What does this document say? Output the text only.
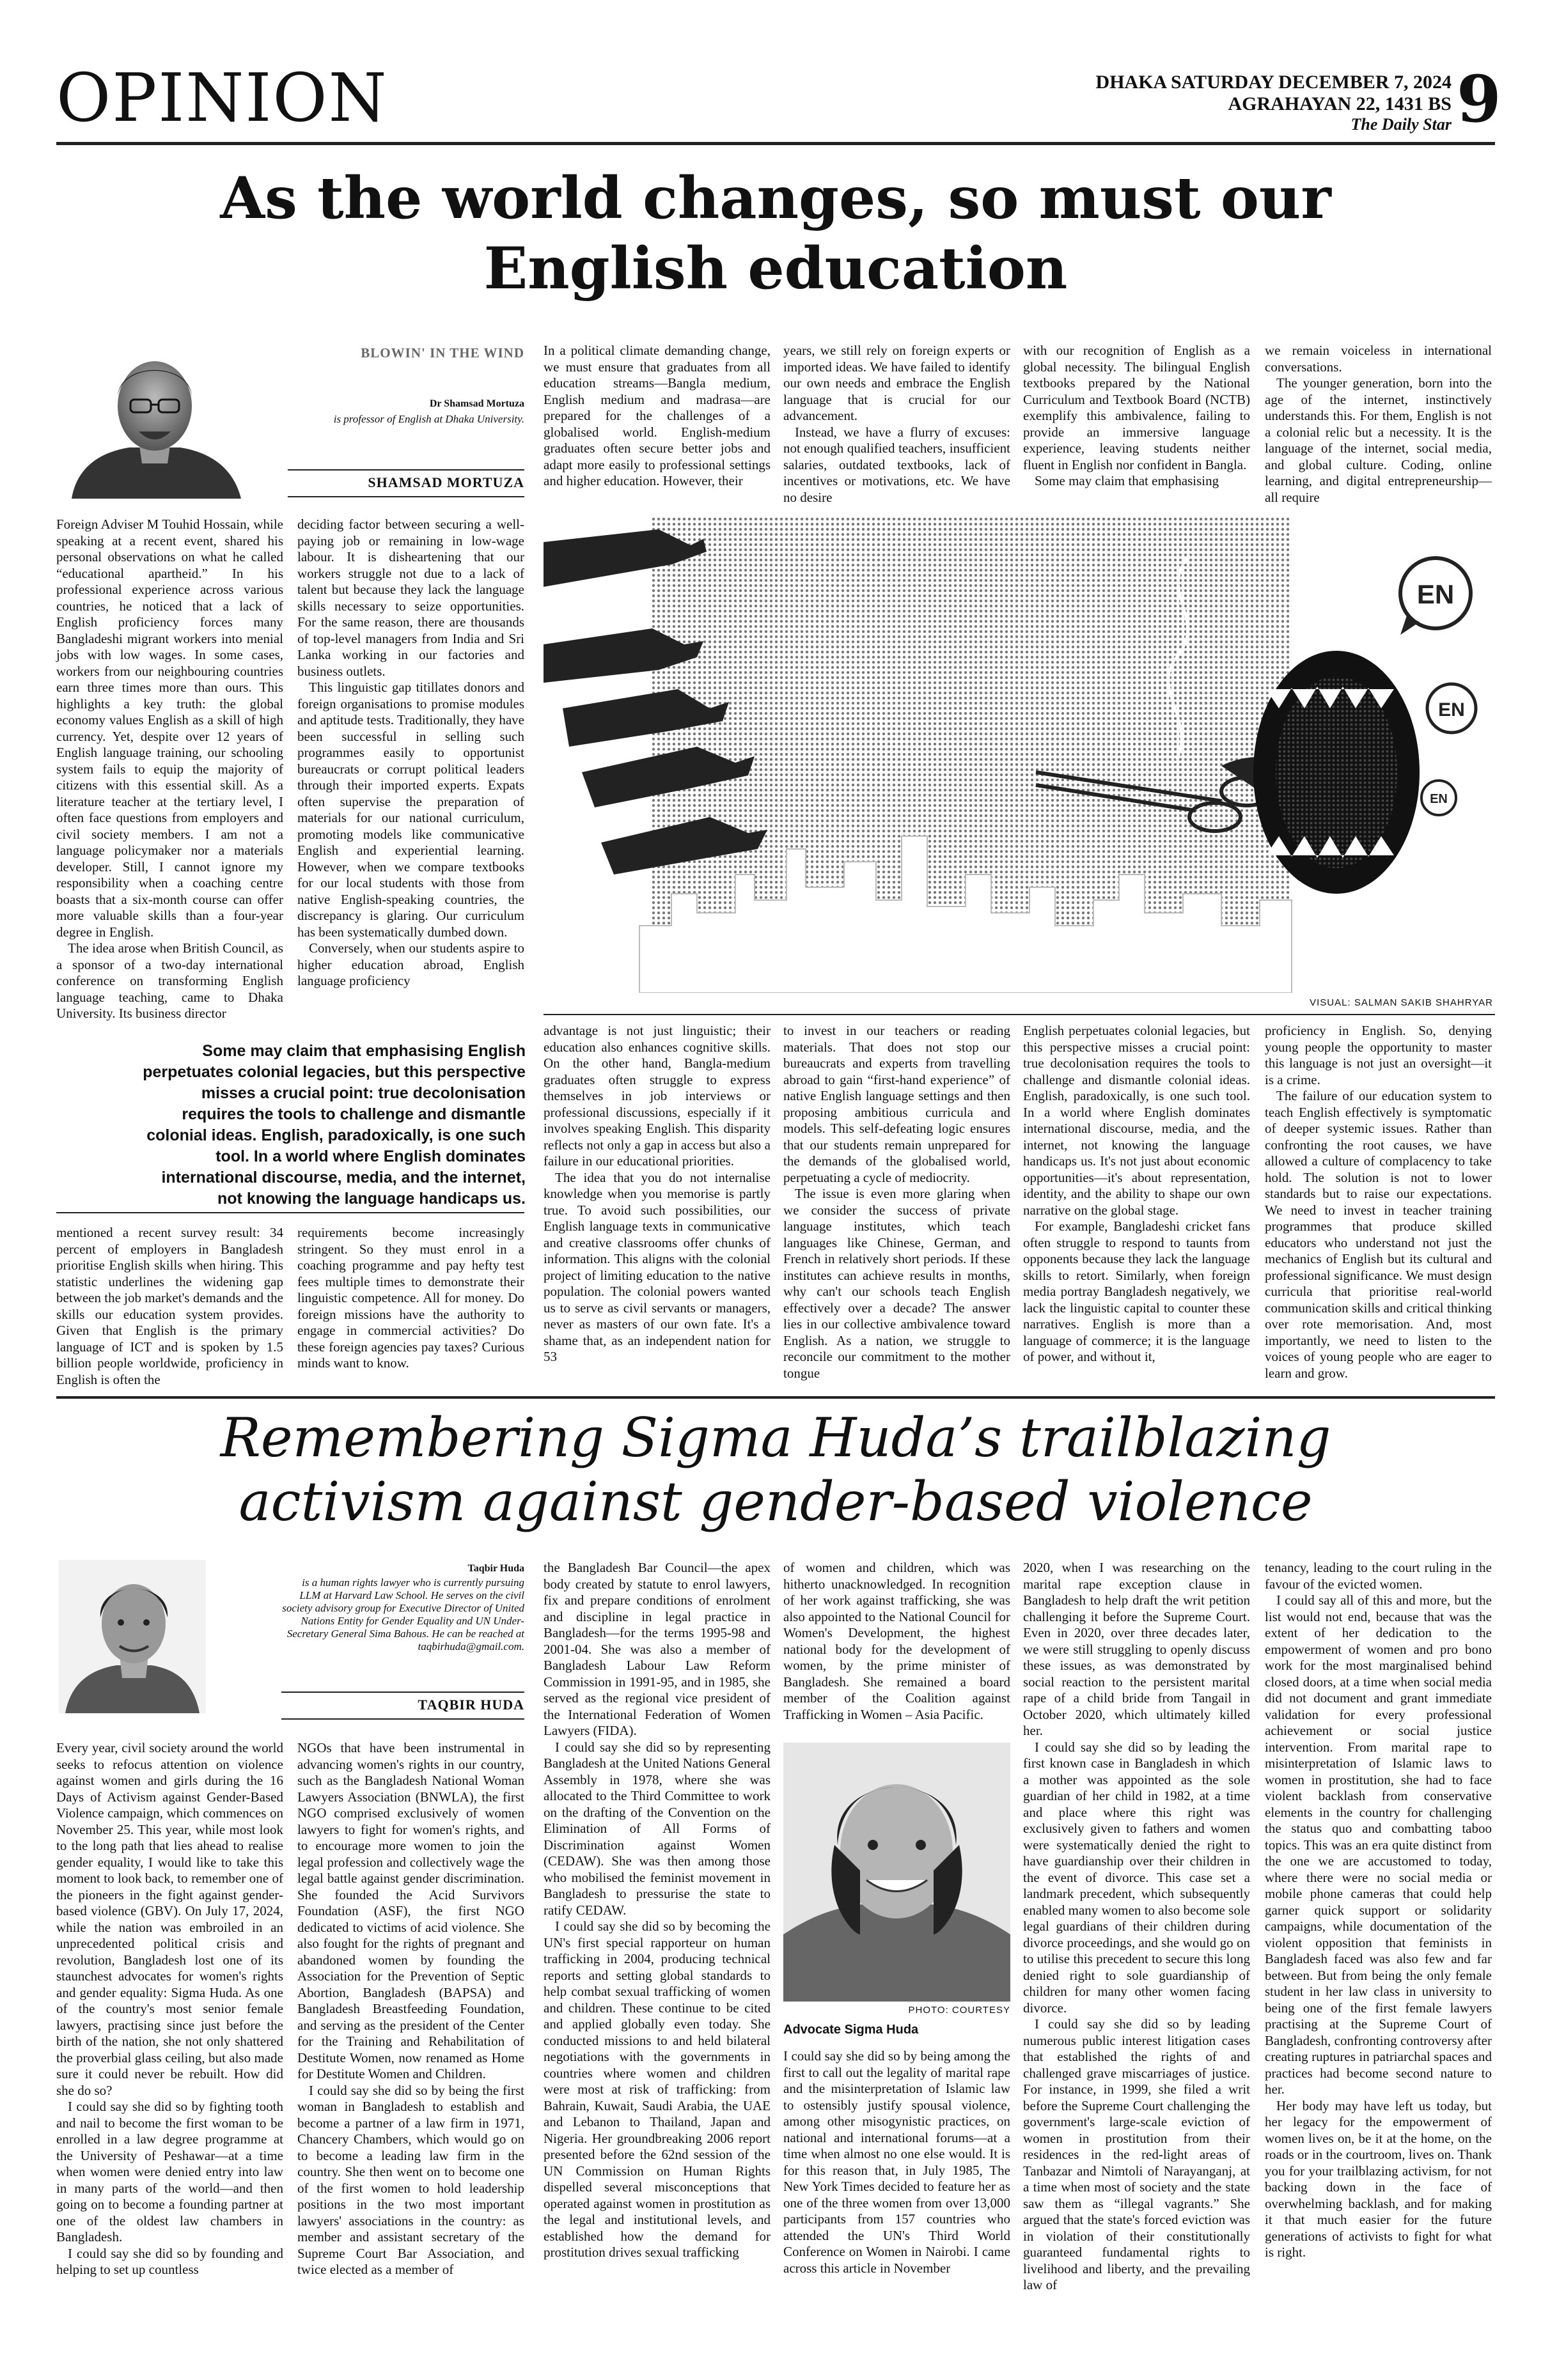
OPINION	DHAKA SATURDAY DECEMBER 7, 2024
AGRAHAYAN 22, 1431 BS
The Daily Star 9
As the world changes, so must our
English education
BLOWIN' IN THE WIND
Dr Shamsad Mortuza
is professor of English at Dhaka University.
SHAMSAD MORTUZA

In a political climate demanding change, we must ensure that graduates from all education streams—Bangla medium, English medium and madrasa—are prepared for the challenges of a globalised world. English-medium graduates often secure better jobs and adapt more easily to professional settings and higher education. However, their

years, we still rely on foreign experts or imported ideas. We have failed to identify our own needs and embrace the English language that is crucial for our advancement.

Instead, we have a flurry of excuses: not enough qualified teachers, insufficient salaries, outdated textbooks, lack of incentives or motivations, etc. We have no desire

with our recognition of English as a global necessity. The bilingual English textbooks prepared by the National Curriculum and Textbook Board (NCTB) exemplify this ambivalence, failing to provide an immersive language experience, leaving students neither fluent in English nor confident in Bangla.

Some may claim that emphasising

we remain voiceless in international conversations.

The younger generation, born into the age of the internet, instinctively understands this. For them, English is not a colonial relic but a necessity. It is the language of the internet, social media, and global culture. Coding, online learning, and digital entrepreneurship—all require

Foreign Adviser M Touhid Hossain, while speaking at a recent event, shared his personal observations on what he called “educational apartheid.” In his professional experience across various countries, he noticed that a lack of English proficiency forces many Bangladeshi migrant workers into menial jobs with low wages. In some cases, workers from our neighbouring countries earn three times more than ours. This highlights a key truth: the global economy values English as a skill of high currency. Yet, despite over 12 years of English language training, our schooling system fails to equip the majority of citizens with this essential skill. As a literature teacher at the tertiary level, I often face questions from employers and civil society members. I am not a language policymaker nor a materials developer. Still, I cannot ignore my responsibility when a coaching centre boasts that a six-month course can offer more valuable skills than a four-year degree in English.

The idea arose when British Council, as a sponsor of a two-day international conference on transforming English language teaching, came to Dhaka University. Its business director

deciding factor between securing a well-paying job or remaining in low-wage labour. It is disheartening that our workers struggle not due to a lack of talent but because they lack the language skills necessary to seize opportunities. For the same reason, there are thousands of top-level managers from India and Sri Lanka working in our factories and business outlets.

This linguistic gap titillates donors and foreign organisations to promise modules and aptitude tests. Traditionally, they have been successful in selling such programmes easily to opportunist bureaucrats or corrupt political leaders through their imported experts. Expats often supervise the preparation of materials for our national curriculum, promoting models like communicative English and experiential learning. However, when we compare textbooks for our local students with those from native English-speaking countries, the discrepancy is glaring. Our curriculum has been systematically dumbed down.

Conversely, when our students aspire to higher education abroad, English language proficiency

EN
EN
EN
VISUAL: SALMAN SAKIB SHAHRYAR
Some may claim that emphasising English perpetuates colonial legacies, but this perspective misses a crucial point: true decolonisation requires the tools to challenge and dismantle colonial ideas. English, paradoxically, is one such tool. In a world where English dominates international discourse, media, and the internet, not knowing the language handicaps us.

mentioned a recent survey result: 34 percent of employers in Bangladesh prioritise English skills when hiring. This statistic underlines the widening gap between the job market's demands and the skills our education system provides. Given that English is the primary language of ICT and is spoken by 1.5 billion people worldwide, proficiency in English is often the

requirements become increasingly stringent. So they must enrol in a coaching programme and pay hefty test fees multiple times to demonstrate their linguistic competence. All for money. Do foreign missions have the authority to engage in commercial activities? Do these foreign agencies pay taxes? Curious minds want to know.

advantage is not just linguistic; their education also enhances cognitive skills. On the other hand, Bangla-medium graduates often struggle to express themselves in job interviews or professional discussions, especially if it involves speaking English. This disparity reflects not only a gap in access but also a failure in our educational priorities.

The idea that you do not internalise knowledge when you memorise is partly true. To avoid such possibilities, our English language texts in communicative and creative classrooms offer chunks of information. This aligns with the colonial project of limiting education to the native population. The colonial powers wanted us to serve as civil servants or managers, never as masters of our own fate. It's a shame that, as an independent nation for 53

to invest in our teachers or reading materials. That does not stop our bureaucrats and experts from travelling abroad to gain “first-hand experience” of native English language settings and then proposing ambitious curricula and models. This self-defeating logic ensures that our students remain unprepared for the demands of the globalised world, perpetuating a cycle of mediocrity.

The issue is even more glaring when we consider the success of private language institutes, which teach languages like Chinese, German, and French in relatively short periods. If these institutes can achieve results in months, why can't our schools teach English effectively over a decade? The answer lies in our collective ambivalence toward English. As a nation, we struggle to reconcile our commitment to the mother tongue

English perpetuates colonial legacies, but this perspective misses a crucial point: true decolonisation requires the tools to challenge and dismantle colonial ideas. English, paradoxically, is one such tool. In a world where English dominates international discourse, media, and the internet, not knowing the language handicaps us. It's not just about economic opportunities—it's about representation, identity, and the ability to shape our own narrative on the global stage.

For example, Bangladeshi cricket fans often struggle to respond to taunts from opponents because they lack the language skills to retort. Similarly, when foreign media portray Bangladesh negatively, we lack the linguistic capital to counter these narratives. English is more than a language of commerce; it is the language of power, and without it,

proficiency in English. So, denying young people the opportunity to master this language is not just an oversight—it is a crime.

The failure of our education system to teach English effectively is symptomatic of deeper systemic issues. Rather than confronting the root causes, we have allowed a culture of complacency to take hold. The solution is not to lower standards but to raise our expectations. We need to invest in teacher training programmes that produce skilled educators who understand not just the mechanics of English but its cultural and professional significance. We must design curricula that prioritise real-world communication skills and critical thinking over rote memorisation. And, most importantly, we need to listen to the voices of young people who are eager to learn and grow.

Remembering Sigma Huda’s trailblazing
activism against gender-based violence
Taqbir Huda
is a human rights lawyer who is currently pursuing LLM at Harvard Law School. He serves on the civil society advisory group for Executive Director of United Nations Entity for Gender Equality and UN Under-Secretary General Sima Bahous. He can be reached at taqbirhuda@gmail.com.
TAQBIR HUDA

Every year, civil society around the world seeks to refocus attention on violence against women and girls during the 16 Days of Activism against Gender-Based Violence campaign, which commences on November 25. This year, while most look to the long path that lies ahead to realise gender equality, I would like to take this moment to look back, to remember one of the pioneers in the fight against gender-based violence (GBV). On July 17, 2024, while the nation was embroiled in an unprecedented political crisis and revolution, Bangladesh lost one of its staunchest advocates for women's rights and gender equality: Sigma Huda. As one of the country's most senior female lawyers, practising since just before the birth of the nation, she not only shattered the proverbial glass ceiling, but also made sure it could never be rebuilt. How did she do so?

I could say she did so by fighting tooth and nail to become the first woman to be enrolled in a law degree programme at the University of Peshawar—at a time when women were denied entry into law in many parts of the world—and then going on to become a founding partner at one of the oldest law chambers in Bangladesh.

I could say she did so by founding and helping to set up countless

NGOs that have been instrumental in advancing women's rights in our country, such as the Bangladesh National Woman Lawyers Association (BNWLA), the first NGO comprised exclusively of women lawyers to fight for women's rights, and to encourage more women to join the legal profession and collectively wage the legal battle against gender discrimination. She founded the Acid Survivors Foundation (ASF), the first NGO dedicated to victims of acid violence. She also fought for the rights of pregnant and abandoned women by founding the Association for the Prevention of Septic Abortion, Bangladesh (BAPSA) and Bangladesh Breastfeeding Foundation, and serving as the president of the Center for the Training and Rehabilitation of Destitute Women, now renamed as Home for Destitute Women and Children.

I could say she did so by being the first woman in Bangladesh to establish and become a partner of a law firm in 1971, Chancery Chambers, which would go on to become a leading law firm in the country. She then went on to become one of the first women to hold leadership positions in the two most important lawyers' associations in the country: as member and assistant secretary of the Supreme Court Bar Association, and twice elected as a member of

the Bangladesh Bar Council—the apex body created by statute to enrol lawyers, fix and prepare conditions of enrolment and discipline in legal practice in Bangladesh—for the terms 1995-98 and 2001-04. She was also a member of Bangladesh Labour Law Reform Commission in 1991-95, and in 1985, she served as the regional vice president of the International Federation of Women Lawyers (FIDA).

I could say she did so by representing Bangladesh at the United Nations General Assembly in 1978, where she was allocated to the Third Committee to work on the drafting of the Convention on the Elimination of All Forms of Discrimination against Women (CEDAW). She was then among those who mobilised the feminist movement in Bangladesh to pressurise the state to ratify CEDAW.

I could say she did so by becoming the UN's first special rapporteur on human trafficking in 2004, producing technical reports and setting global standards to help combat sexual trafficking of women and children. These continue to be cited and applied globally even today. She conducted missions to and held bilateral negotiations with the governments in countries where women and children were most at risk of trafficking: from Bahrain, Kuwait, Saudi Arabia, the UAE and Lebanon to Thailand, Japan and Nigeria. Her groundbreaking 2006 report presented before the 62nd session of the UN Commission on Human Rights dispelled several misconceptions that operated against women in prostitution as the legal and institutional levels, and established how the demand for prostitution drives sexual trafficking

of women and children, which was hitherto unacknowledged. In recognition of her work against trafficking, she was also appointed to the National Council for Women's Development, the highest national body for the development of women, by the prime minister of Bangladesh. She remained a board member of the Coalition against Trafficking in Women – Asia Pacific.

PHOTO: COURTESY
Advocate Sigma Huda

I could say she did so by being among the first to call out the legality of marital rape and the misinterpretation of Islamic law to ostensibly justify spousal violence, among other misogynistic practices, on national and international forums—at a time when almost no one else would. It is for this reason that, in July 1985, The New York Times decided to feature her as one of the three women from over 13,000 participants from 157 countries who attended the UN's Third World Conference on Women in Nairobi. I came across this article in November

2020, when I was researching on the marital rape exception clause in Bangladesh to help draft the writ petition challenging it before the Supreme Court. Even in 2020, over three decades later, we were still struggling to openly discuss these issues, as was demonstrated by social reaction to the persistent marital rape of a child bride from Tangail in October 2020, which ultimately killed her.

I could say she did so by leading the first known case in Bangladesh in which a mother was appointed as the sole guardian of her child in 1982, at a time and place where this right was exclusively given to fathers and women were systematically denied the right to have guardianship over their children in the event of divorce. This case set a landmark precedent, which subsequently enabled many women to also become sole legal guardians of their children during divorce proceedings, and she would go on to utilise this precedent to secure this long denied right to sole guardianship of children for many other women facing divorce.

I could say she did so by leading numerous public interest litigation cases that established the rights of and challenged grave miscarriages of justice. For instance, in 1999, she filed a writ before the Supreme Court challenging the government's large-scale eviction of women in prostitution from their residences in the red-light areas of Tanbazar and Nimtoli of Narayanganj, at a time when most of society and the state saw them as “illegal vagrants.” She argued that the state's forced eviction was in violation of their constitutionally guaranteed fundamental rights to livelihood and liberty, and the prevailing law of

tenancy, leading to the court ruling in the favour of the evicted women.

I could say all of this and more, but the list would not end, because that was the extent of her dedication to the empowerment of women and pro bono work for the most marginalised behind closed doors, at a time when social media did not document and grant immediate validation for every professional achievement or social justice intervention. From marital rape to misinterpretation of Islamic laws to women in prostitution, she had to face violent backlash from conservative elements in the country for challenging the status quo and combatting taboo topics. This was an era quite distinct from the one we are accustomed to today, where there were no social media or mobile phone cameras that could help garner quick support or solidarity campaigns, while documentation of the violent opposition that feminists in Bangladesh faced was also few and far between. But from being the only female student in her law class in university to being one of the first female lawyers practising at the Supreme Court of Bangladesh, confronting controversy after creating ruptures in patriarchal spaces and practices had become second nature to her.

Her body may have left us today, but her legacy for the empowerment of women lives on, be it at the home, on the roads or in the courtroom, lives on. Thank you for your trailblazing activism, for not backing down in the face of overwhelming backlash, and for making it that much easier for the future generations of activists to fight for what is right.
